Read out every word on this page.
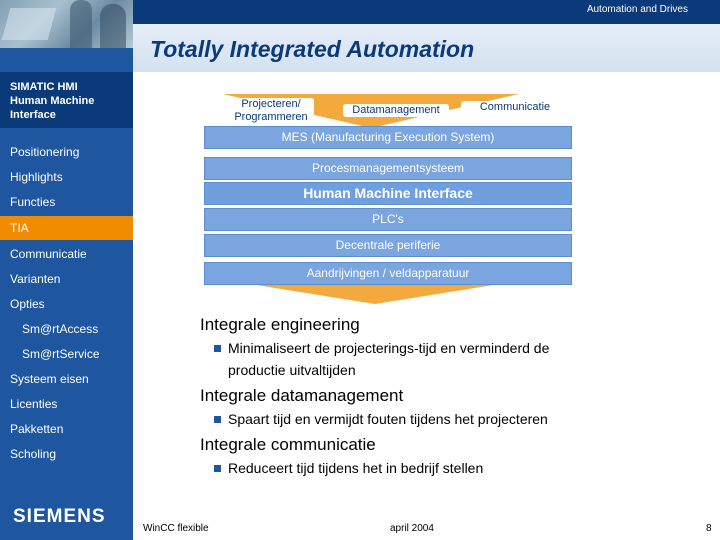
Automation and Drives
Totally Integrated Automation
SIMATIC HMI
Human Machine
Interface
Positionering
Highlights
Functies
TIA
Communicatie
Varianten
Opties
Sm@rtAccess
Sm@rtService
Systeem eisen
Licenties
Pakketten
Scholing
SIEMENS
Projecteren/
Programmeren
Datamanagement	Communicatie
MES (Manufacturing Execution System)
Procesmanagementsysteem
Human Machine Interface
PLC's
Decentrale periferie
Aandrijvingen / veldapparatuur
Integrale engineering
Minimaliseert de projecterings-tijd en verminderd de productie uitvaltijden
Integrale datamanagement
Spaart tijd en vermijdt fouten tijdens het projecteren
Integrale communicatie
Reduceert tijd tijdens het in bedrijf stellen
WinCC flexible	april 2004	8
